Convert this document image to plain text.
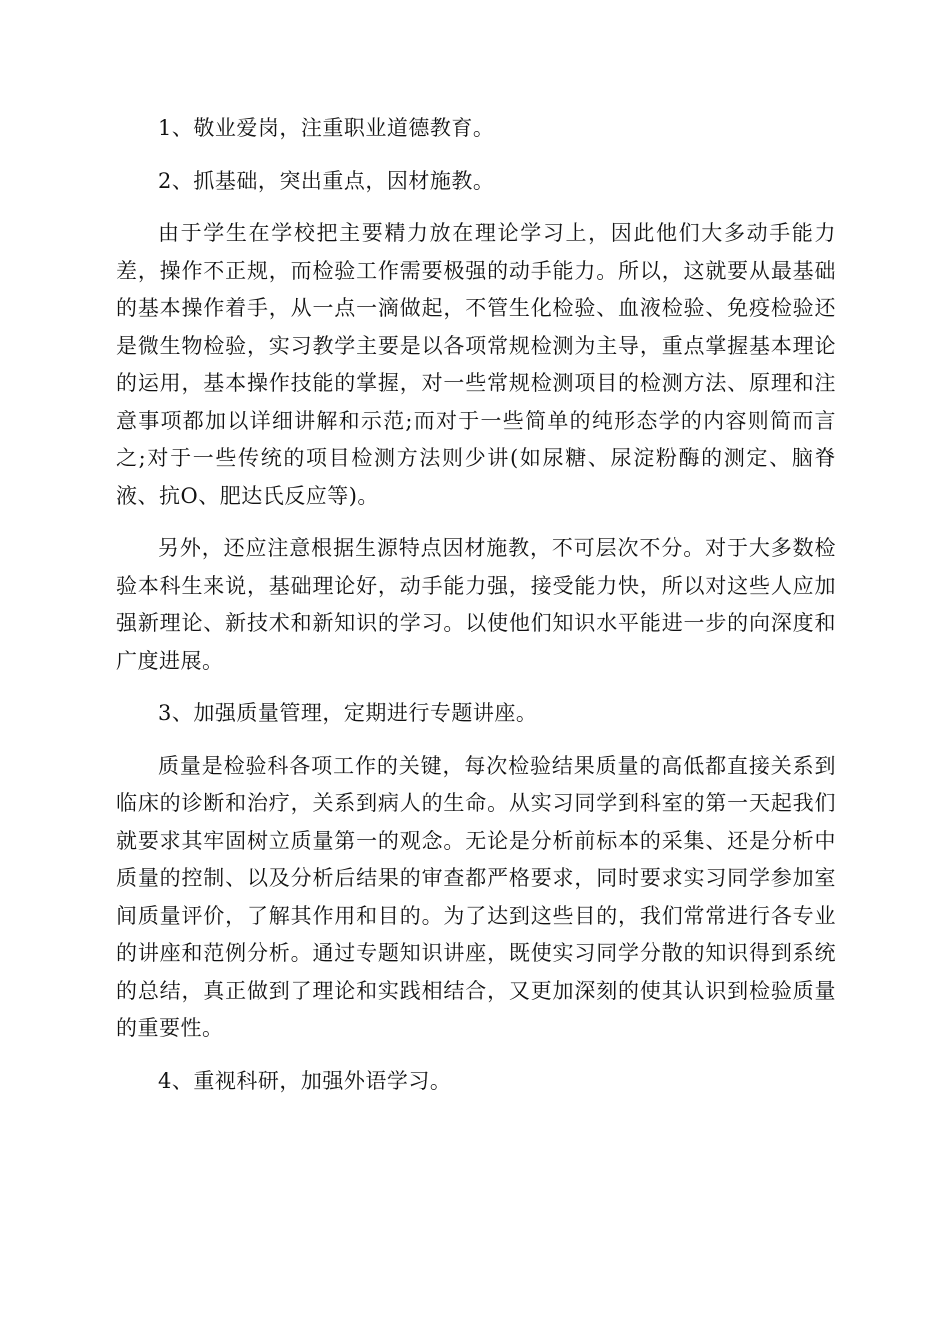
1、敬业爱岗，注重职业道德教育。

2、抓基础，突出重点，因材施教。

由于学生在学校把主要精力放在理论学习上，因此他们大多动手能力差，操作不正规，而检验工作需要极强的动手能力。所以，这就要从最基础的基本操作着手，从一点一滴做起，不管生化检验、血液检验、免疫检验还是微生物检验，实习教学主要是以各项常规检测为主导，重点掌握基本理论的运用，基本操作技能的掌握，对一些常规检测项目的检测方法、原理和注意事项都加以详细讲解和示范;而对于一些简单的纯形态学的内容则简而言之;对于一些传统的项目检测方法则少讲(如尿糖、尿淀粉酶的测定、脑脊液、抗O、肥达氏反应等)。

另外，还应注意根据生源特点因材施教，不可层次不分。对于大多数检验本科生来说，基础理论好，动手能力强，接受能力快，所以对这些人应加强新理论、新技术和新知识的学习。以使他们知识水平能进一步的向深度和广度进展。

3、加强质量管理，定期进行专题讲座。

质量是检验科各项工作的关键，每次检验结果质量的高低都直接关系到临床的诊断和治疗，关系到病人的生命。从实习同学到科室的第一天起我们就要求其牢固树立质量第一的观念。无论是分析前标本的采集、还是分析中质量的控制、以及分析后结果的审查都严格要求，同时要求实习同学参加室间质量评价，了解其作用和目的。为了达到这些目的，我们常常进行各专业的讲座和范例分析。通过专题知识讲座，既使实习同学分散的知识得到系统的总结，真正做到了理论和实践相结合，又更加深刻的使其认识到检验质量的重要性。

4、重视科研，加强外语学习。
